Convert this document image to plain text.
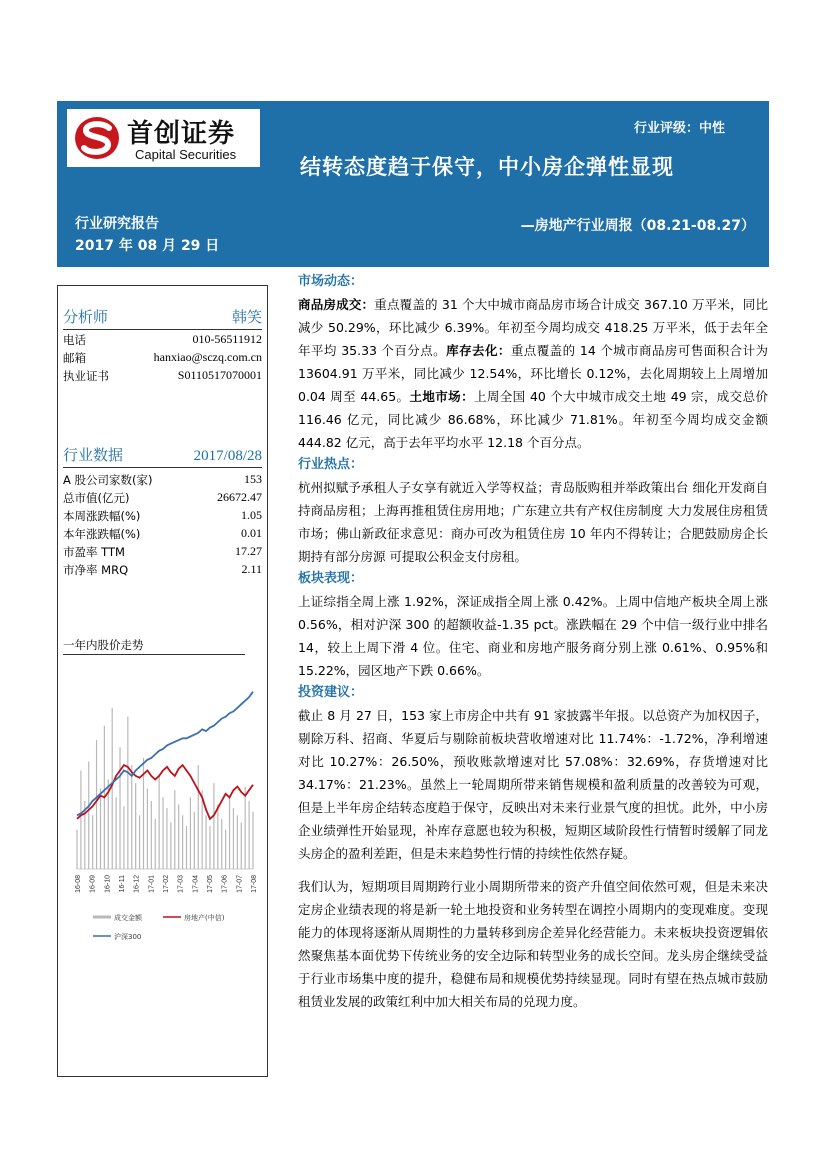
首创证券
Capital Securities
行业评级：中性
结转态度趋于保守，中小房企弹性显现
行业研究报告
2017 年 08 月 29 日
—房地产行业周报（08.21-08.27）
分析师	韩笑
电话	010-56511912
邮箱	hanxiao@sczq.com.cn
执业证书	S0110517070001
行业数据	2017/08/28
A 股公司家数(家)	153
总市值(亿元)	26672.47
本周涨跌幅(%)	1.05
本年涨跌幅(%)	0.01
市盈率 TTM	17.27
市净率 MRQ	2.11
一年内股价走势
16-08 16-09 16-10 16-11 16-12 17-01 17-02 17-03 17-04 17-05 17-06 17-07 17-08
成交金额	房地产(中信)
沪深300
市场动态：
商品房成交：重点覆盖的 31 个大中城市商品房市场合计成交 367.10 万平米，同比减少 50.29%，环比减少 6.39%。年初至今周均成交 418.25 万平米，低于去年全年平均 35.33 个百分点。库存去化：重点覆盖的 14 个城市商品房可售面积合计为 13604.91 万平米，同比减少 12.54%，环比增长 0.12%，去化周期较上上周增加 0.04 周至 44.65。土地市场：上周全国 40 个大中城市成交土地 49 宗，成交总价 116.46 亿元，同比减少 86.68%，环比减少 71.81%。年初至今周均成交金额 444.82 亿元，高于去年平均水平 12.18 个百分点。
行业热点：
杭州拟赋予承租人子女享有就近入学等权益；青岛版购租并举政策出台 细化开发商自持商品房租；上海再推租赁住房用地；广东建立共有产权住房制度 大力发展住房租赁市场；佛山新政征求意见：商办可改为租赁住房 10 年内不得转让；合肥鼓励房企长期持有部分房源 可提取公积金支付房租。
板块表现：
上证综指全周上涨 1.92%，深证成指全周上涨 0.42%。上周中信地产板块全周上涨 0.56%，相对沪深 300 的超额收益-1.35 pct。涨跌幅在 29 个中信一级行业中排名 14，较上上周下滑 4 位。住宅、商业和房地产服务商分别上涨 0.61%、0.95%和 15.22%，园区地产下跌 0.66%。
投资建议：
截止 8 月 27 日，153 家上市房企中共有 91 家披露半年报。以总资产为加权因子，剔除万科、招商、华夏后与剔除前板块营收增速对比 11.74%：-1.72%，净利增速对比 10.27%：26.50%，预收账款增速对比 57.08%：32.69%，存货增速对比 34.17%：21.23%。虽然上一轮周期所带来销售规模和盈利质量的改善较为可观，但是上半年房企结转态度趋于保守，反映出对未来行业景气度的担忧。此外，中小房企业绩弹性开始显现，补库存意愿也较为积极，短期区域阶段性行情暂时缓解了同龙头房企的盈利差距，但是未来趋势性行情的持续性依然存疑。
我们认为，短期项目周期跨行业小周期所带来的资产升值空间依然可观，但是未来决定房企业绩表现的将是新一轮土地投资和业务转型在调控小周期内的变现难度。变现能力的体现将逐渐从周期性的力量转移到房企差异化经营能力。未来板块投资逻辑依然聚焦基本面优势下传统业务的安全边际和转型业务的成长空间。龙头房企继续受益于行业市场集中度的提升，稳健布局和规模优势持续显现。同时有望在热点城市鼓励租赁业发展的政策红利中加大相关布局的兑现力度。
